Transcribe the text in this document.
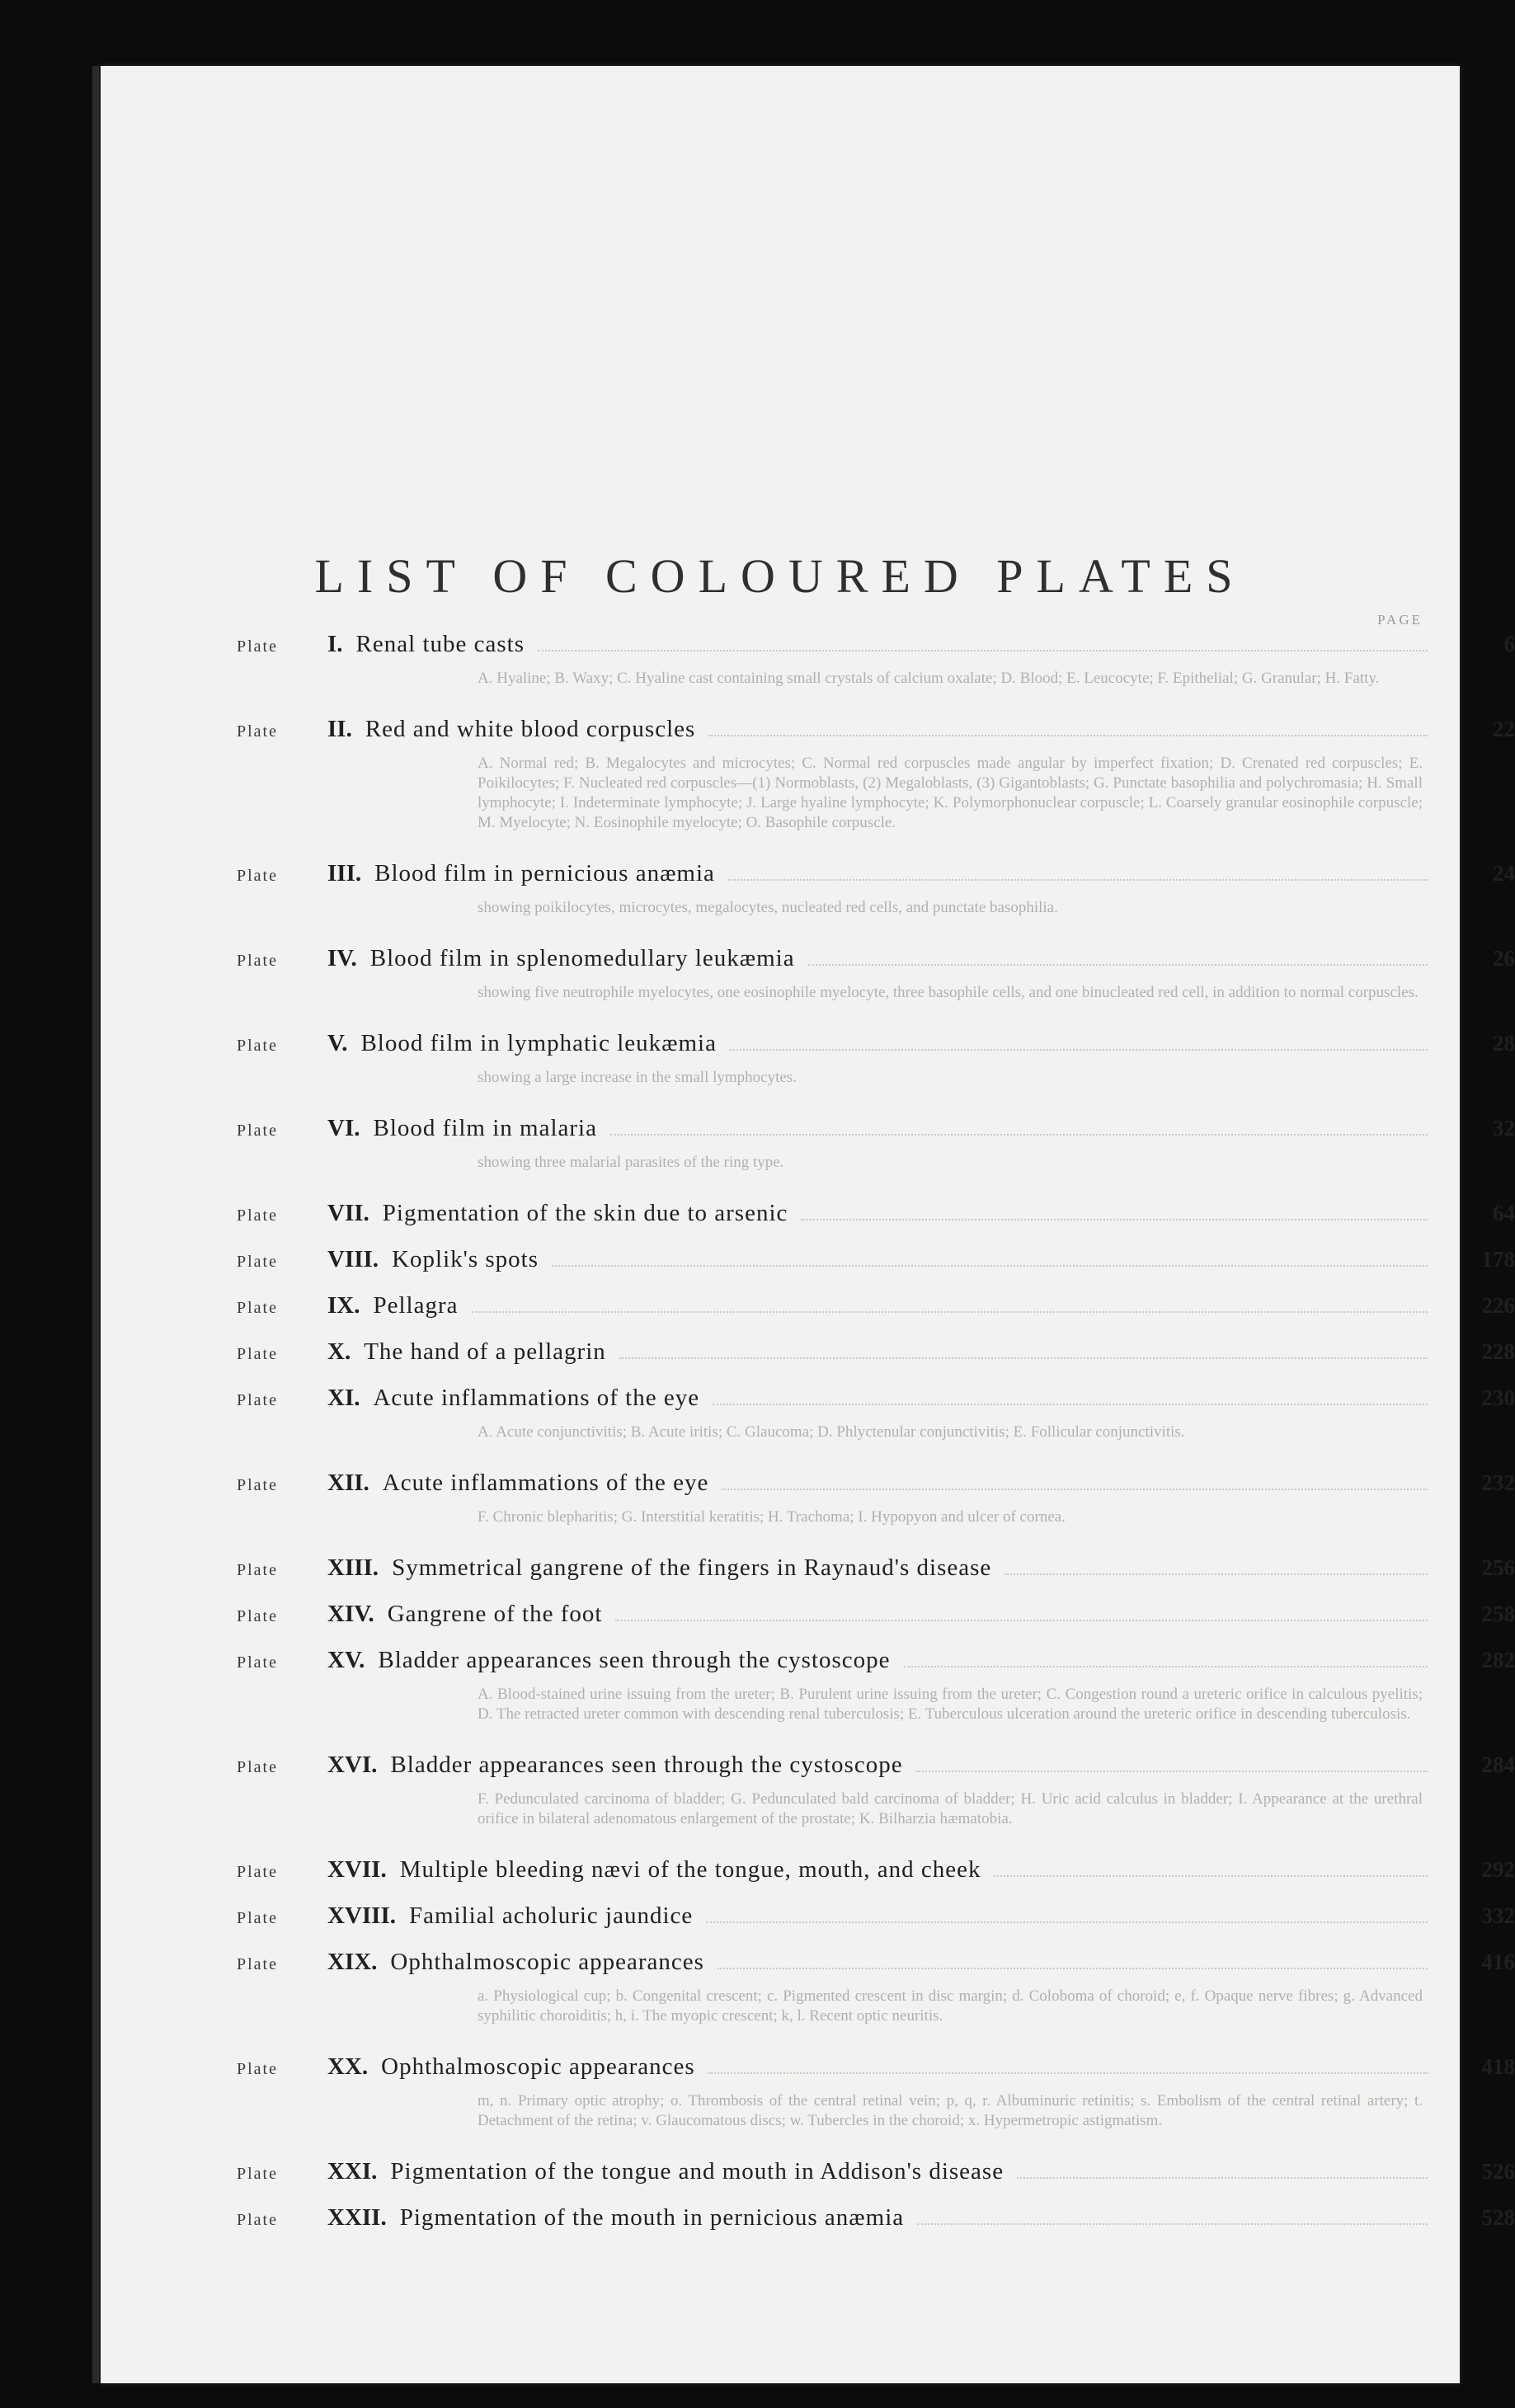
LIST OF COLOURED PLATES
PAGE
Plate	I. Renal tube casts	6
A. Hyaline; B. Waxy; C. Hyaline cast containing small crystals of calcium oxalate; D. Blood; E. Leucocyte; F. Epithelial; G. Granular; H. Fatty.
Plate	II. Red and white blood corpuscles	22
A. Normal red; B. Megalocytes and microcytes; C. Normal red corpuscles made angular by imperfect fixation; D. Crenated red corpuscles; E. Poikilocytes; F. Nucleated red corpuscles—(1) Normoblasts, (2) Megaloblasts, (3) Gigantoblasts; G. Punctate basophilia and polychromasia; H. Small lymphocyte; I. Indeterminate lymphocyte; J. Large hyaline lymphocyte; K. Polymorphonuclear corpuscle; L. Coarsely granular eosinophile corpuscle; M. Myelocyte; N. Eosinophile myelocyte; O. Basophile corpuscle.
Plate	III. Blood film in pernicious anæmia	24
showing poikilocytes, microcytes, megalocytes, nucleated red cells, and punctate basophilia.
Plate	IV. Blood film in splenomedullary leukæmia	26
showing five neutrophile myelocytes, one eosinophile myelocyte, three basophile cells, and one binucleated red cell, in addition to normal corpuscles.
Plate	V. Blood film in lymphatic leukæmia	28
showing a large increase in the small lymphocytes.
Plate	VI. Blood film in malaria	32
showing three malarial parasites of the ring type.
Plate	VII. Pigmentation of the skin due to arsenic	64
Plate	VIII. Koplik's spots	178
Plate	IX. Pellagra	226
Plate	X. The hand of a pellagrin	228
Plate	XI. Acute inflammations of the eye	230
A. Acute conjunctivitis; B. Acute iritis; C. Glaucoma; D. Phlyctenular conjunctivitis; E. Follicular conjunctivitis.
Plate	XII. Acute inflammations of the eye	232
F. Chronic blepharitis; G. Interstitial keratitis; H. Trachoma; I. Hypopyon and ulcer of cornea.
Plate	XIII. Symmetrical gangrene of the fingers in Raynaud's disease	256
Plate	XIV. Gangrene of the foot	258
Plate	XV. Bladder appearances seen through the cystoscope	282
A. Blood-stained urine issuing from the ureter; B. Purulent urine issuing from the ureter; C. Congestion round a ureteric orifice in calculous pyelitis; D. The retracted ureter common with descending renal tuberculosis; E. Tuberculous ulceration around the ureteric orifice in descending tuberculosis.
Plate	XVI. Bladder appearances seen through the cystoscope	284
F. Pedunculated carcinoma of bladder; G. Pedunculated bald carcinoma of bladder; H. Uric acid calculus in bladder; I. Appearance at the urethral orifice in bilateral adenomatous enlargement of the prostate; K. Bilharzia hæmatobia.
Plate	XVII. Multiple bleeding nævi of the tongue, mouth, and cheek	292
Plate	XVIII. Familial acholuric jaundice	332
Plate	XIX. Ophthalmoscopic appearances	416
a. Physiological cup; b. Congenital crescent; c. Pigmented crescent in disc margin; d. Coloboma of choroid; e, f. Opaque nerve fibres; g. Advanced syphilitic choroiditis; h, i. The myopic crescent; k, l. Recent optic neuritis.
Plate	XX. Ophthalmoscopic appearances	418
m, n. Primary optic atrophy; o. Thrombosis of the central retinal vein; p, q, r. Albuminuric retinitis; s. Embolism of the central retinal artery; t. Detachment of the retina; v. Glaucomatous discs; w. Tubercles in the choroid; x. Hypermetropic astigmatism.
Plate	XXI. Pigmentation of the tongue and mouth in Addison's disease	526
Plate	XXII. Pigmentation of the mouth in pernicious anæmia	528
